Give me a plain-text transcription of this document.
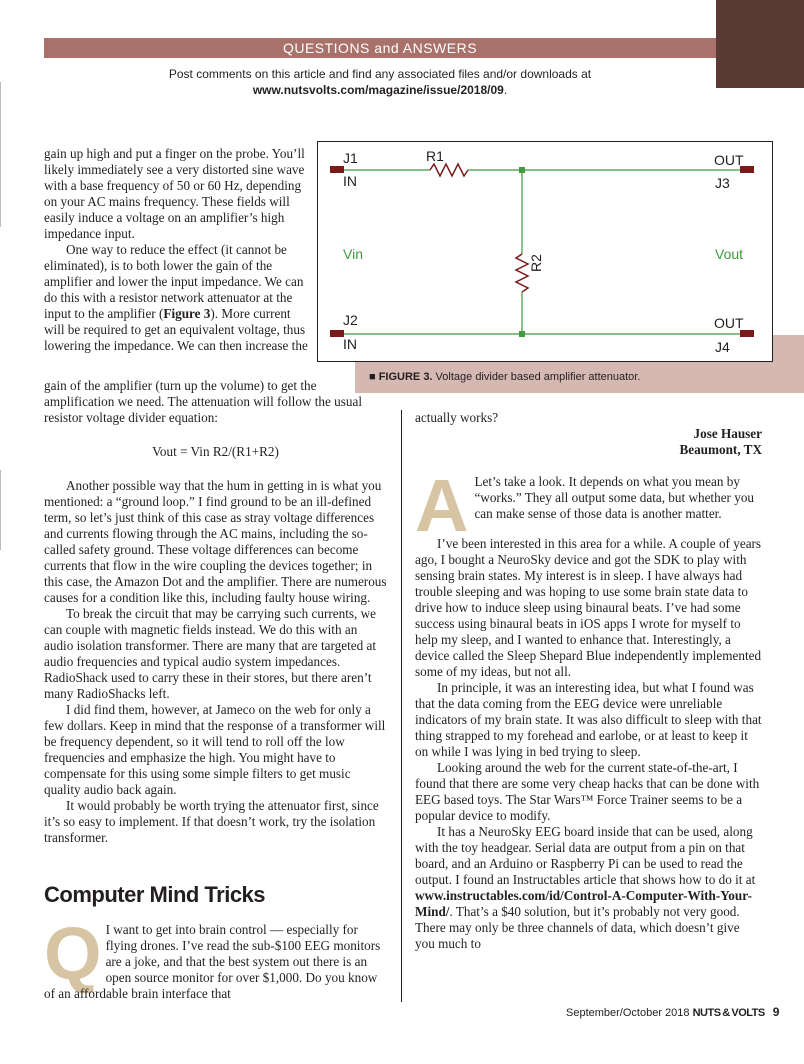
QUESTIONS and ANSWERS
Post comments on this article and find any associated files and/or downloads at
www.nutsvolts.com/magazine/issue/2018/09.
J1
IN
R1	OUT
J3
Vin
R2
Vout
J2
IN
OUT
J4
■ FIGURE 3. Voltage divider based amplifier attenuator.

gain up high and put a finger on the probe. You’ll likely immediately see a very distorted sine wave with a base frequency of 50 or 60 Hz, depending on your AC mains frequency. These fields will easily induce a voltage on an amplifier’s high impedance input.

One way to reduce the effect (it cannot be eliminated), is to both lower the gain of the amplifier and lower the input impedance. We can do this with a resistor network attenuator at the input to the amplifier (Figure 3). More current will be required to get an equivalent voltage, thus lowering the impedance. We can then increase the

gain of the amplifier (turn up the volume) to get the amplification we need. The attenuation will follow the usual resistor voltage divider equation:
Vout = Vin R2/(R1+R2)

Another possible way that the hum in getting in is what you mentioned: a “ground loop.” I find ground to be an ill-defined term, so let’s just think of this case as stray voltage differences and currents flowing through the AC mains, including the so-called safety ground. These voltage differences can become currents that flow in the wire coupling the devices together; in this case, the Amazon Dot and the amplifier. There are numerous causes for a condition like this, including faulty house wiring.

To break the circuit that may be carrying such currents, we can couple with magnetic fields instead. We do this with an audio isolation transformer. There are many that are targeted at audio frequencies and typical audio system impedances. RadioShack used to carry these in their stores, but there aren’t many RadioShacks left.

I did find them, however, at Jameco on the web for only a few dollars. Keep in mind that the response of a transformer will be frequency dependent, so it will tend to roll off the low frequencies and emphasize the high. You might have to compensate for this using some simple filters to get music quality audio back again.

It would probably be worth trying the attenuator first, since it’s so easy to implement. If that doesn’t work, try the isolation transformer.

Computer Mind Tricks
Q I want to get into brain control — especially for flying drones. I’ve read the sub-$100 EEG monitors are a joke, and that the best system out there is an open source monitor for over $1,000. Do you know of an affordable brain interface that

actually works?

Jose Hauser

Beaumont, TX

A Let’s take a look. It depends on what you mean by “works.” They all output some data, but whether you can make sense of those data is another matter.

I’ve been interested in this area for a while. A couple of years ago, I bought a NeuroSky device and got the SDK to play with sensing brain states. My interest is in sleep. I have always had trouble sleeping and was hoping to use some brain state data to drive how to induce sleep using binaural beats. I’ve had some success using binaural beats in iOS apps I wrote for myself to help my sleep, and I wanted to enhance that. Interestingly, a device called the Sleep Shepard Blue independently implemented some of my ideas, but not all.

In principle, it was an interesting idea, but what I found was that the data coming from the EEG device were unreliable indicators of my brain state. It was also difficult to sleep with that thing strapped to my forehead and earlobe, or at least to keep it on while I was lying in bed trying to sleep.

Looking around the web for the current state-of-the-art, I found that there are some very cheap hacks that can be done with EEG based toys. The Star Wars™ Force Trainer seems to be a popular device to modify.

It has a NeuroSky EEG board inside that can be used, along with the toy headgear. Serial data are output from a pin on that board, and an Arduino or Raspberry Pi can be used to read the output. I found an Instructables article that shows how to do it at www.instructables.com/id/Control-A-Computer-With-Your-Mind/. That’s a $40 solution, but it’s probably not very good. There may only be three channels of data, which doesn’t give you much to

September/October 2018 NUTS & VOLTS 9
